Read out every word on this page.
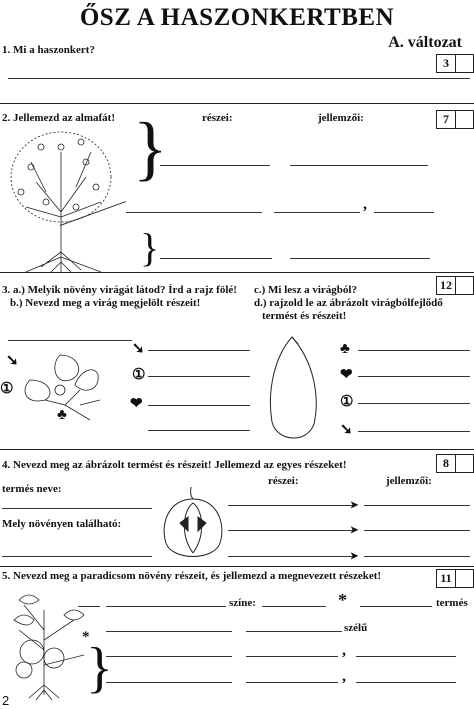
ŐSZ A HASZONKERTBEN
A. változat
1. Mi a haszonkert?
3
2. Jellemezd az almafát!	részei:	jellemzői:	7
}
,
}
3. a.) Melyik növény virágát látod? Írd a rajz fölé!
b.) Nevezd meg a virág megjelölt részeit!
c.) Mi lesz a virágból?
d.) rajzold le az ábrázolt virágbólfejlődő
termést és részeit!
12
➘
①
♣
➘
①
❤
♣
❤
①
➘
4. Nevezd meg az ábrázolt termést és részeit! Jellemezd az egyes részeket!	8
részei:	jellemzői:
termés neve:
Mely növényen található:
➤
➤
➤
5. Nevezd meg a paradicsom növény részeit, és jellemezd a megnevezett részeket!	11
*
}
színe:	*	termés
szélű
,
,
2
